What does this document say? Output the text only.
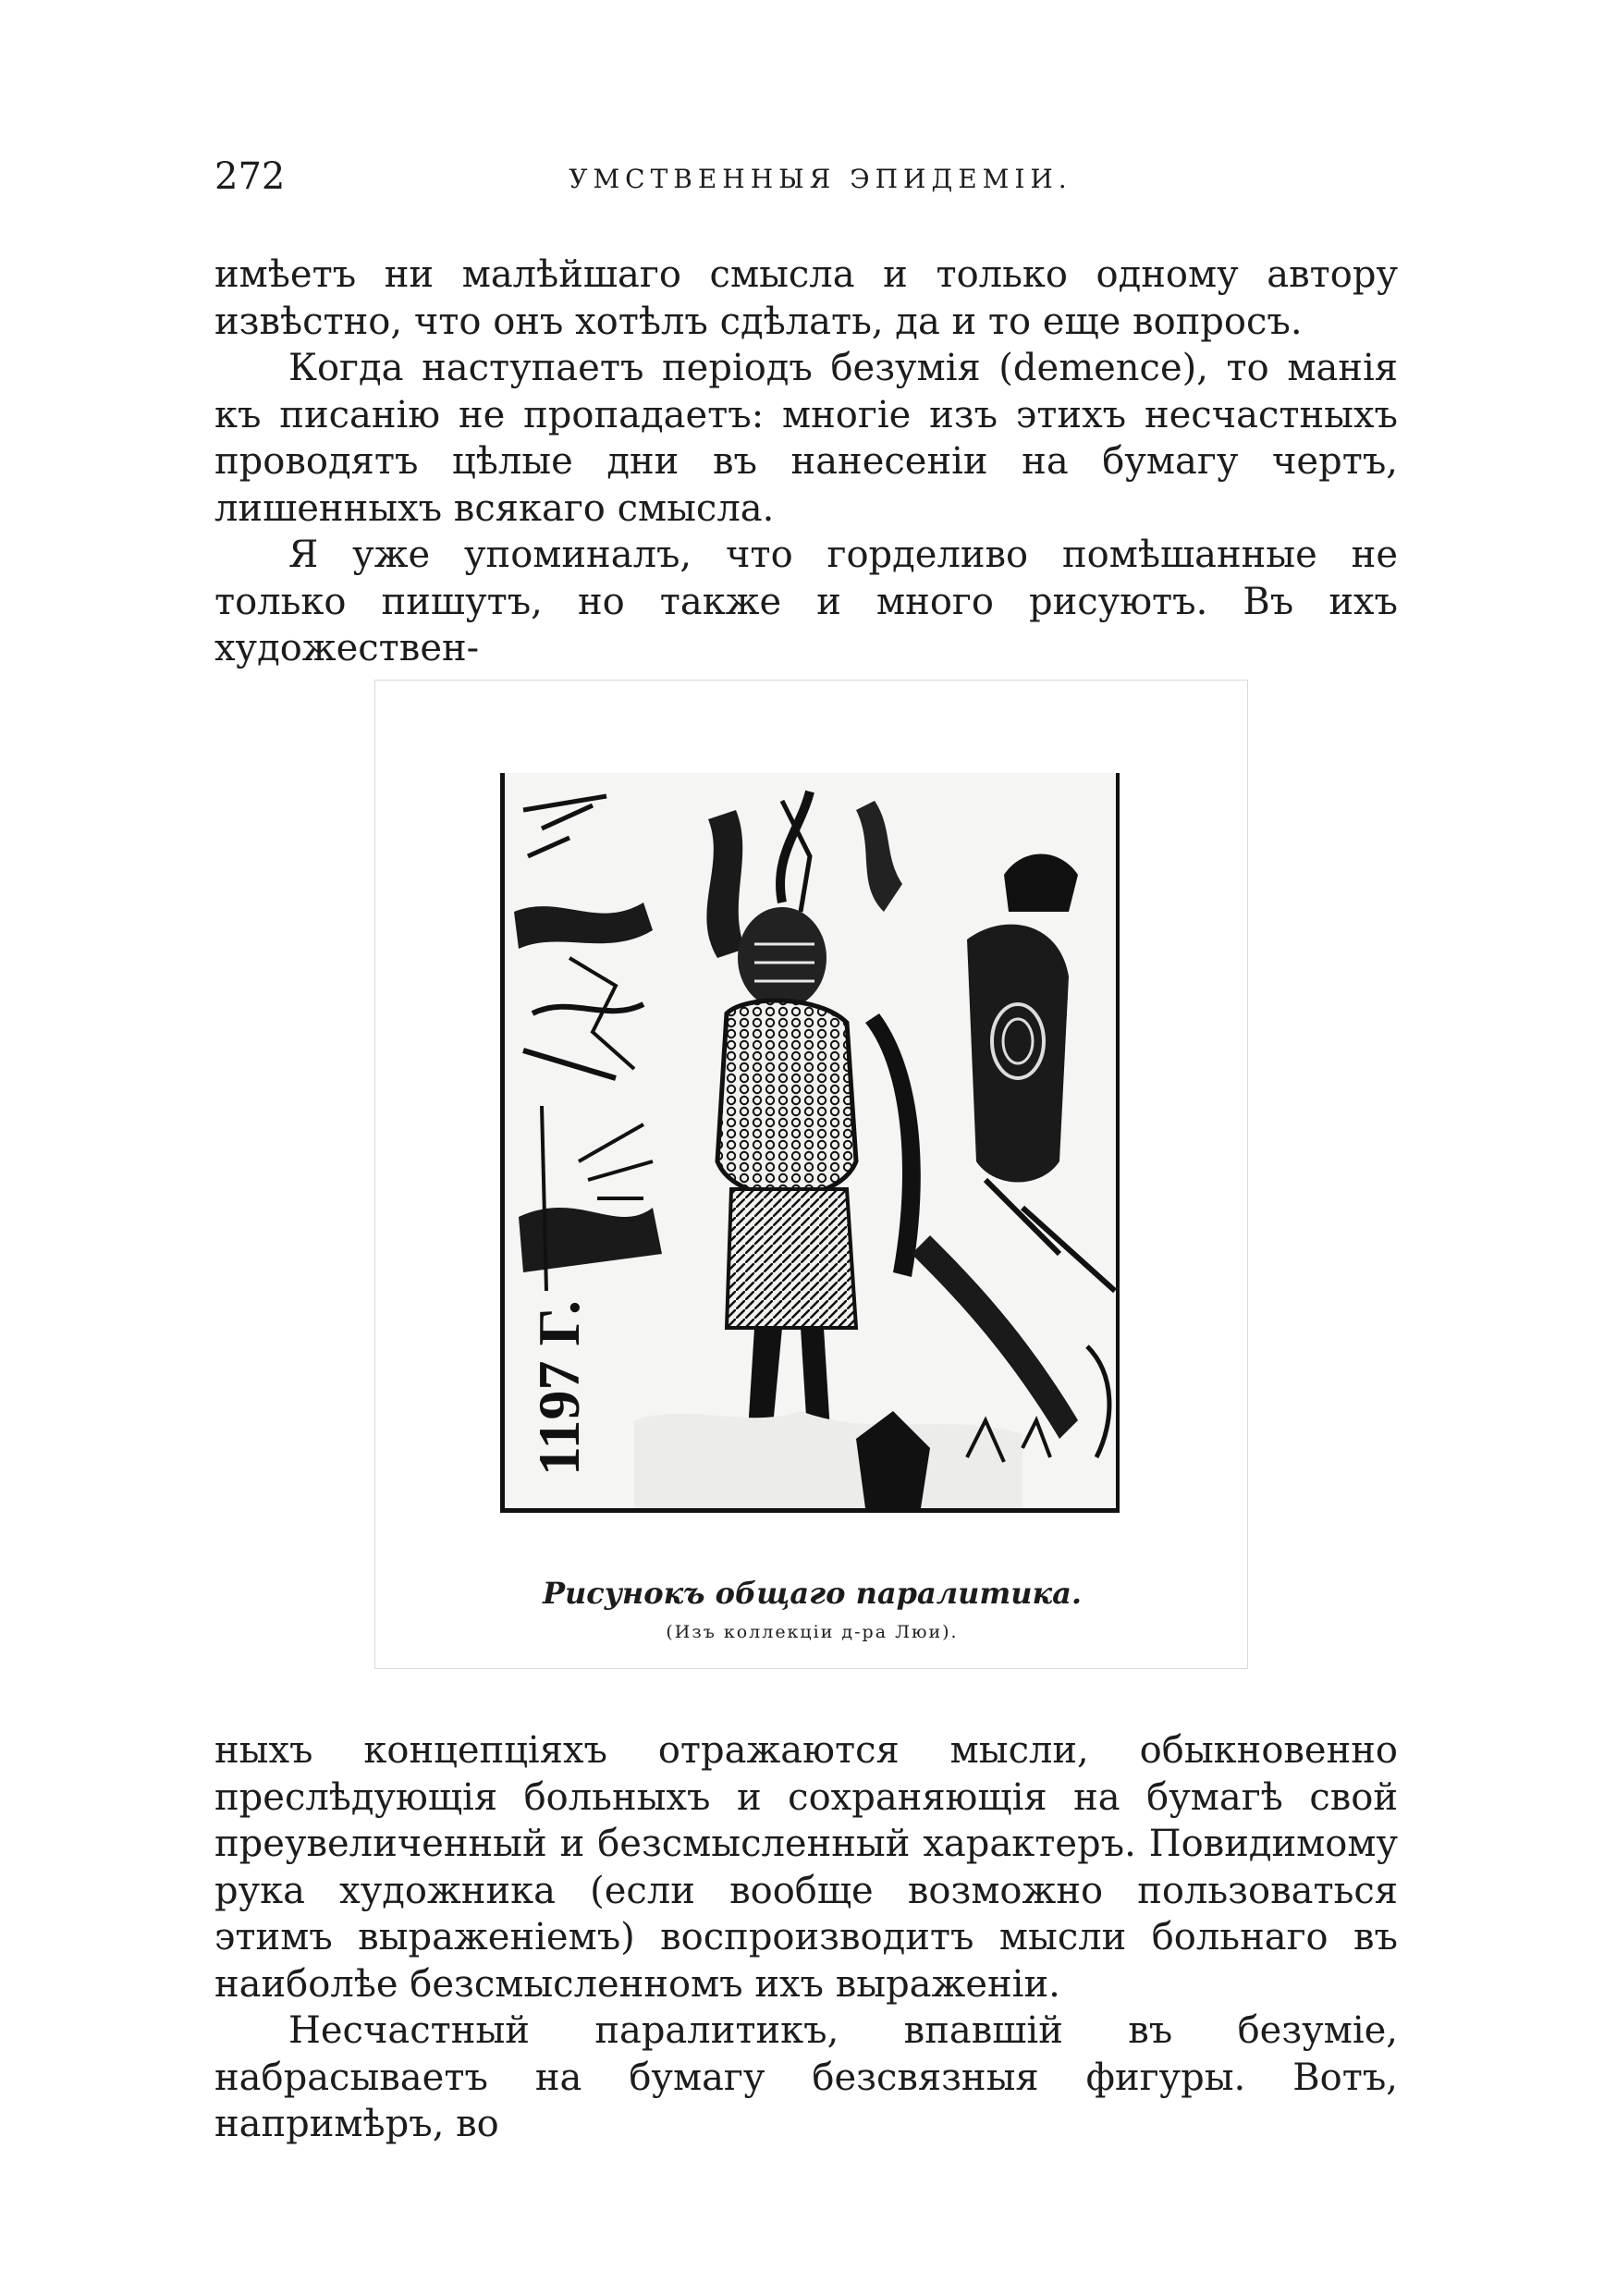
272	УМСТВЕННЫЯ ЭПИДЕМIИ.

имѣетъ ни малѣйшаго смысла и только одному автору извѣстно, что онъ хотѣлъ сдѣлать, да и то еще вопросъ.

Когда наступаетъ періодъ безумія (demence), то манія къ писанію не пропадаетъ: многіе изъ этихъ несчастныхъ проводятъ цѣлые дни въ нанесеніи на бумагу чертъ, лишенныхъ всякаго смысла.

Я уже упоминалъ, что горделиво помѣшанные не только пишутъ, но также и много рисуютъ. Въ ихъ художествен-

1197 Г.
Рисунокъ общаго паралитика.
(Изъ коллекціи д-ра Люи).

ныхъ концепціяхъ отражаются мысли, обыкновенно преслѣдующія больныхъ и сохраняющія на бумагѣ свой преувеличенный и безсмысленный характеръ. Повидимому рука художника (если вообще возможно пользоваться этимъ выраженіемъ) воспроизводитъ мысли больнаго въ наиболѣе безсмысленномъ ихъ выраженіи.

Несчастный паралитикъ, впавшій въ безуміе, набрасываетъ на бумагу безсвязныя фигуры. Вотъ, напримѣръ, во
